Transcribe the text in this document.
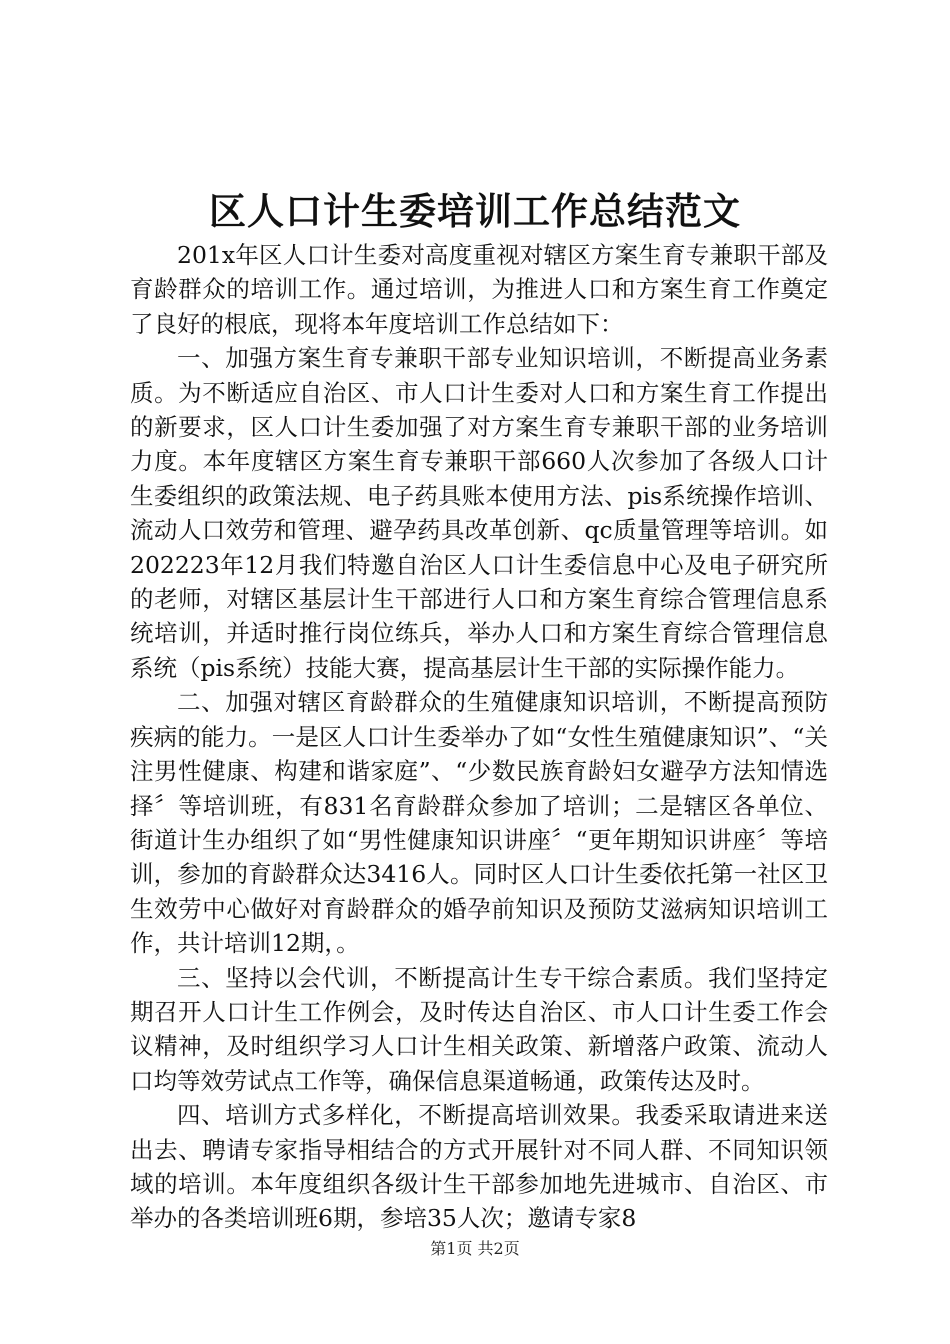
区人口计生委培训工作总结范文

201x年区人口计生委对高度重视对辖区方案生育专兼职干部及育龄群众的培训工作。通过培训，为推进人口和方案生育工作奠定了良好的根底，现将本年度培训工作总结如下：

一、加强方案生育专兼职干部专业知识培训，不断提高业务素质。为不断适应自治区、市人口计生委对人口和方案生育工作提出的新要求，区人口计生委加强了对方案生育专兼职干部的业务培训力度。本年度辖区方案生育专兼职干部660人次参加了各级人口计生委组织的政策法规、电子药具账本使用方法、pis系统操作培训、流动人口效劳和管理、避孕药具改革创新、qc质量管理等培训。如202223年12月我们特邀自治区人口计生委信息中心及电子研究所的老师，对辖区基层计生干部进行人口和方案生育综合管理信息系统培训，并适时推行岗位练兵，举办人口和方案生育综合管理信息系统（pis系统）技能大赛，提高基层计生干部的实际操作能力。

二、加强对辖区育龄群众的生殖健康知识培训，不断提高预防疾病的能力。一是区人口计生委举办了如“女性生殖健康知识”、“关注男性健康、构建和谐家庭”、“少数民族育龄妇女避孕方法知情选择〞等培训班，有831名育龄群众参加了培训；二是辖区各单位、街道计生办组织了如“男性健康知识讲座〞“更年期知识讲座〞等培训，参加的育龄群众达3416人。同时区人口计生委依托第一社区卫生效劳中心做好对育龄群众的婚孕前知识及预防艾滋病知识培训工作，共计培训12期，。

三、坚持以会代训，不断提高计生专干综合素质。我们坚持定期召开人口计生工作例会，及时传达自治区、市人口计生委工作会议精神，及时组织学习人口计生相关政策、新增落户政策、流动人口均等效劳试点工作等，确保信息渠道畅通，政策传达及时。

四、培训方式多样化，不断提高培训效果。我委采取请进来送出去、聘请专家指导相结合的方式开展针对不同人群、不同知识领域的培训。本年度组织各级计生干部参加地先进城市、自治区、市举办的各类培训班6期，参培35人次；邀请专家8

第1页 共2页
